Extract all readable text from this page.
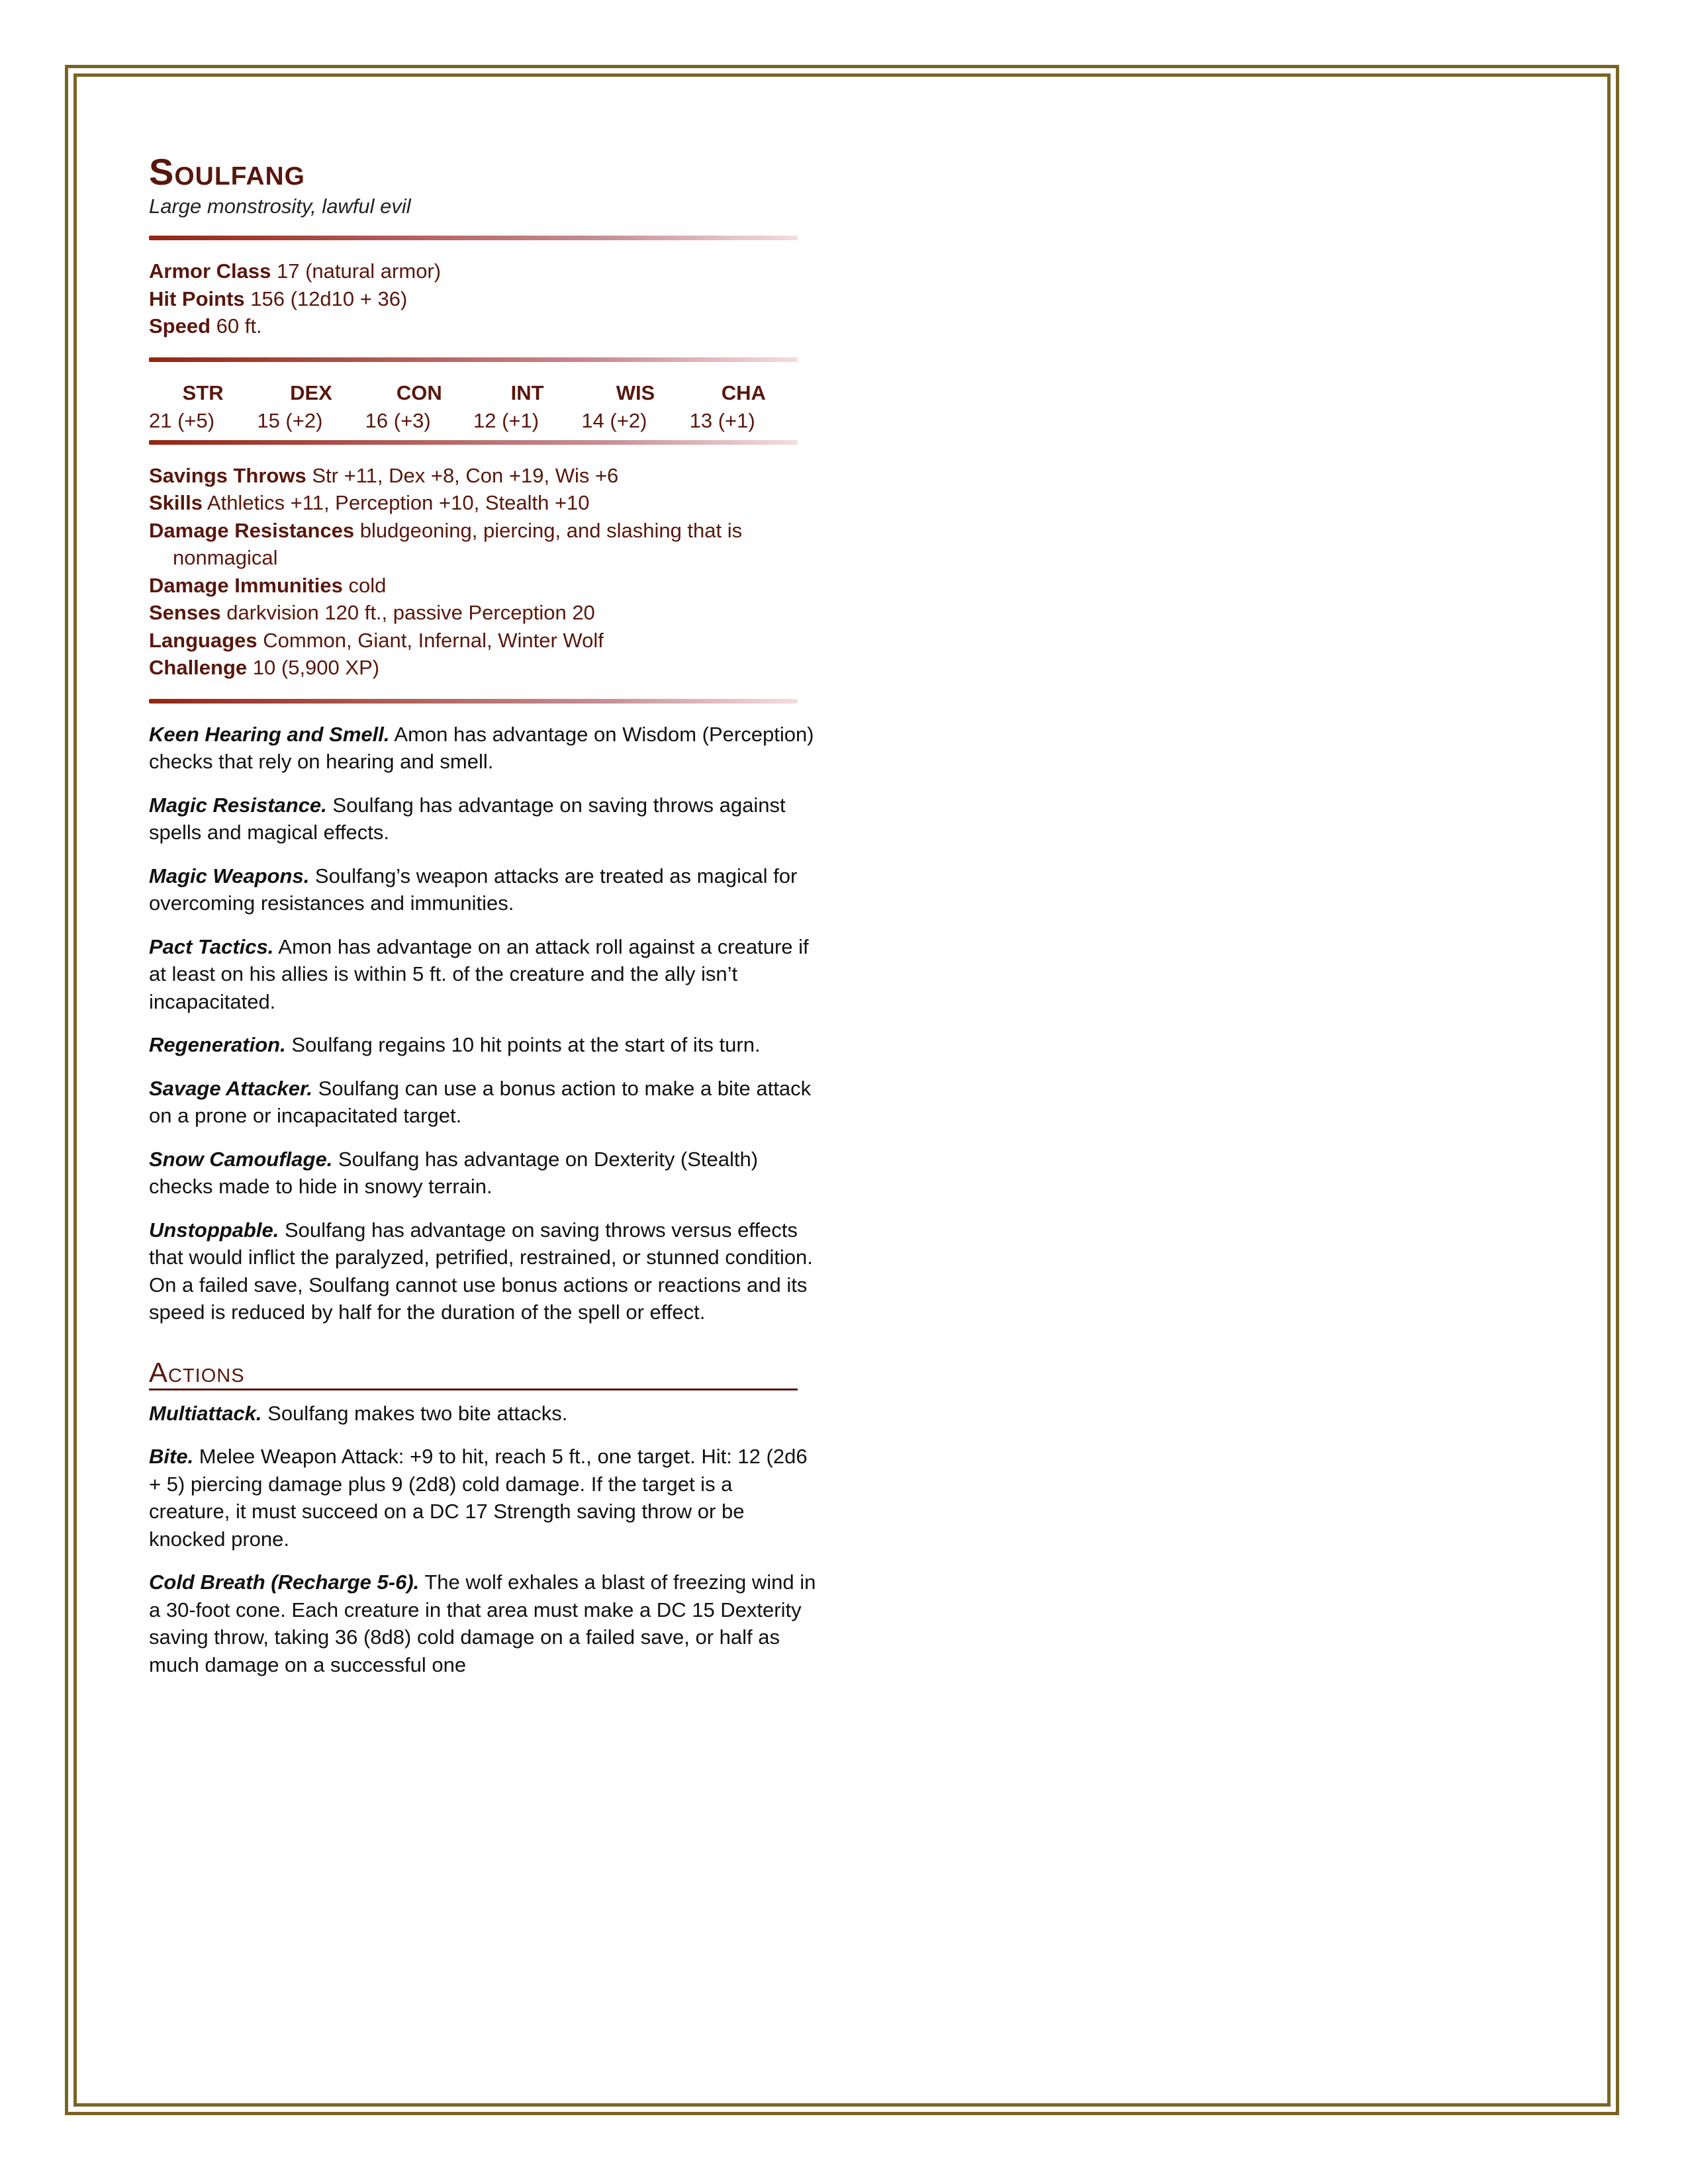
Soulfang

Large monstrosity, lawful evil

Armor Class 17 (natural armor)
Hit Points 156 (12d10 + 36)
Speed 60 ft.
STR
21 (+5)
DEX
15 (+2)
CON
16 (+3)
INT
12 (+1)
WIS
14 (+2)
CHA
13 (+1)
Savings Throws Str +11, Dex +8, Con +19, Wis +6
Skills Athletics +11, Perception +10, Stealth +10
Damage Resistances bludgeoning, piercing, and slashing that is
nonmagical
Damage Immunities cold
Senses darkvision 120 ft., passive Perception 20
Languages Common, Giant, Infernal, Winter Wolf
Challenge 10 (5,900 XP)

Keen Hearing and Smell. Amon has advantage on Wisdom (Perception) checks that rely on hearing and smell.

Magic Resistance. Soulfang has advantage on saving throws against spells and magical effects.

Magic Weapons. Soulfang’s weapon attacks are treated as magical for overcoming resistances and immunities.

Pact Tactics. Amon has advantage on an attack roll against a creature if at least on his allies is within 5 ft. of the creature and the ally isn’t incapacitated.

Regeneration. Soulfang regains 10 hit points at the start of its turn.

Savage Attacker. Soulfang can use a bonus action to make a bite attack on a prone or incapacitated target.

Snow Camouflage. Soulfang has advantage on Dexterity (Stealth) checks made to hide in snowy terrain.

Unstoppable. Soulfang has advantage on saving throws versus effects that would inflict the paralyzed, petrified, restrained, or stunned condition. On a failed save, Soulfang cannot use bonus actions or reactions and its speed is reduced by half for the duration of the spell or effect.

Actions

Multiattack. Soulfang makes two bite attacks.

Bite. Melee Weapon Attack: +9 to hit, reach 5 ft., one target. Hit: 12 (2d6 + 5) piercing damage plus 9 (2d8) cold damage. If the target is a creature, it must succeed on a DC 17 Strength saving throw or be knocked prone.

Cold Breath (Recharge 5-6). The wolf exhales a blast of freezing wind in a 30-foot cone. Each creature in that area must make a DC 15 Dexterity saving throw, taking 36 (8d8) cold damage on a failed save, or half as much damage on a successful one
